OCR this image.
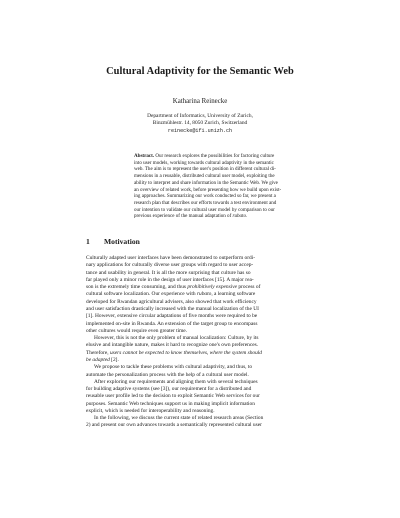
Cultural Adaptivity for the Semantic Web
Katharina Reinecke
Department of Informatics, University of Zurich,
Binzmühlestr. 14, 8050 Zurich, Switzerland
reinecke@ifi.unizh.ch
Abstract. Our research explores the possibilities for factoring culture
into user models, working towards cultural adaptivity in the semantic
web. The aim is to represent the user's position in different cultural di-
mensions in a reusable, distributed cultural user model, exploiting the
ability to interpret and share information in the Semantic Web. We give
an overview of related work, before presenting how we build upon exist-
ing approaches. Summarizing our work conducted so far, we present a
research plan that describes our efforts towards a test environment and
our intention to validate our cultural user model by comparison to our
previous experience of the manual adaptation of rubato.
1 Motivation
Culturally adapted user interfaces have been demonstrated to outperform ordi-
nary applications for culturally diverse user groups with regard to user accep-
tance and usability in general. It is all the more surprising that culture has so
far played only a minor role in the design of user interfaces [15]. A major rea-
son is the extremely time consuming, and thus prohibitively expensive process of
cultural software localization. Our experience with rubato, a learning software
developed for Rwandan agricultural advisers, also showed that work efficiency
and user satisfaction drastically increased with the manual localization of the UI
[1]. However, extensive circular adaptations of five months were required to be
implemented on-site in Rwanda. An extension of the target group to encompass
other cultures would require even greater time.
However, this is not the only problem of manual localization: Culture, by its
elusive and intangible nature, makes it hard to recognize one's own preferences.
Therefore, users cannot be expected to know themselves, where the system should
be adapted [2].
We propose to tackle these problems with cultural adaptivity, and thus, to
automate the personalization process with the help of a cultural user model.
After exploring our requirements and aligning them with several techniques
for building adaptive systems (see [3]), our requirement for a distributed and
reusable user profile led to the decision to exploit Semantic Web services for our
purposes. Semantic Web techniques support us in making implicit information
explicit, which is needed for interoperability and reasoning.
In the following, we discuss the current state of related research areas (Section
2) and present our own advances towards a semantically represented cultural user
